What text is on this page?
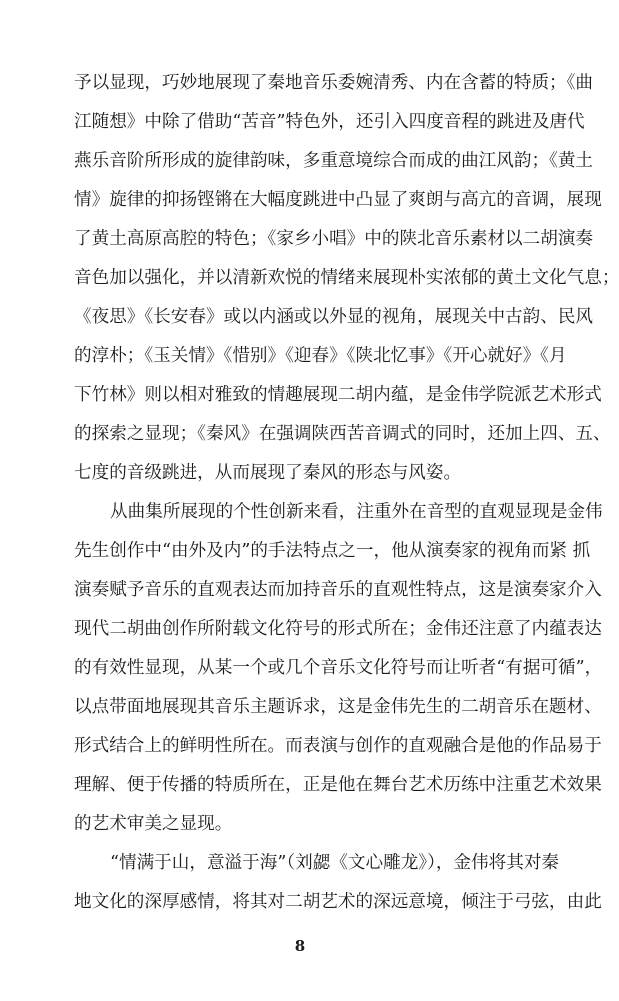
予以显现，巧妙地展现了秦地音乐委婉清秀、内在含蓄的特质；《曲
江随想》中除了借助“苦音”特色外，还引入四度音程的跳进及唐代
燕乐音阶所形成的旋律韵味，多重意境综合而成的曲江风韵；《黄土
情》旋律的抑扬铿锵在大幅度跳进中凸显了爽朗与高亢的音调，展现
了黄土高原高腔的特色；《家乡小唱》中的陕北音乐素材以二胡演奏
音色加以强化，并以清新欢悦的情绪来展现朴实浓郁的黄土文化气息；
《夜思》《长安春》或以内涵或以外显的视角，展现关中古韵、民风
的淳朴；《玉关情》《惜别》《迎春》《陕北忆事》《开心就好》《月
下竹林》则以相对雅致的情趣展现二胡内蕴，是金伟学院派艺术形式
的探索之显现；《秦风》在强调陕西苦音调式的同时，还加上四、五、
七度的音级跳进，从而展现了秦风的形态与风姿。
从曲集所展现的个性创新来看，注重外在音型的直观显现是金伟
先生创作中“由外及内”的手法特点之一，他从演奏家的视角而紧 抓
演奏赋予音乐的直观表达而加持音乐的直观性特点，这是演奏家介入
现代二胡曲创作所附载文化符号的形式所在；金伟还注意了内蕴表达
的有效性显现，从某一个或几个音乐文化符号而让听者“有据可循”，
以点带面地展现其音乐主题诉求，这是金伟先生的二胡音乐在题材、
形式结合上的鲜明性所在。而表演与创作的直观融合是他的作品易于
理解、便于传播的特质所在，正是他在舞台艺术历练中注重艺术效果
的艺术审美之显现。
“情满于山，意溢于海”（刘勰《文心雕龙》），金伟将其对秦
地文化的深厚感情，将其对二胡艺术的深远意境，倾注于弓弦，由此
8
